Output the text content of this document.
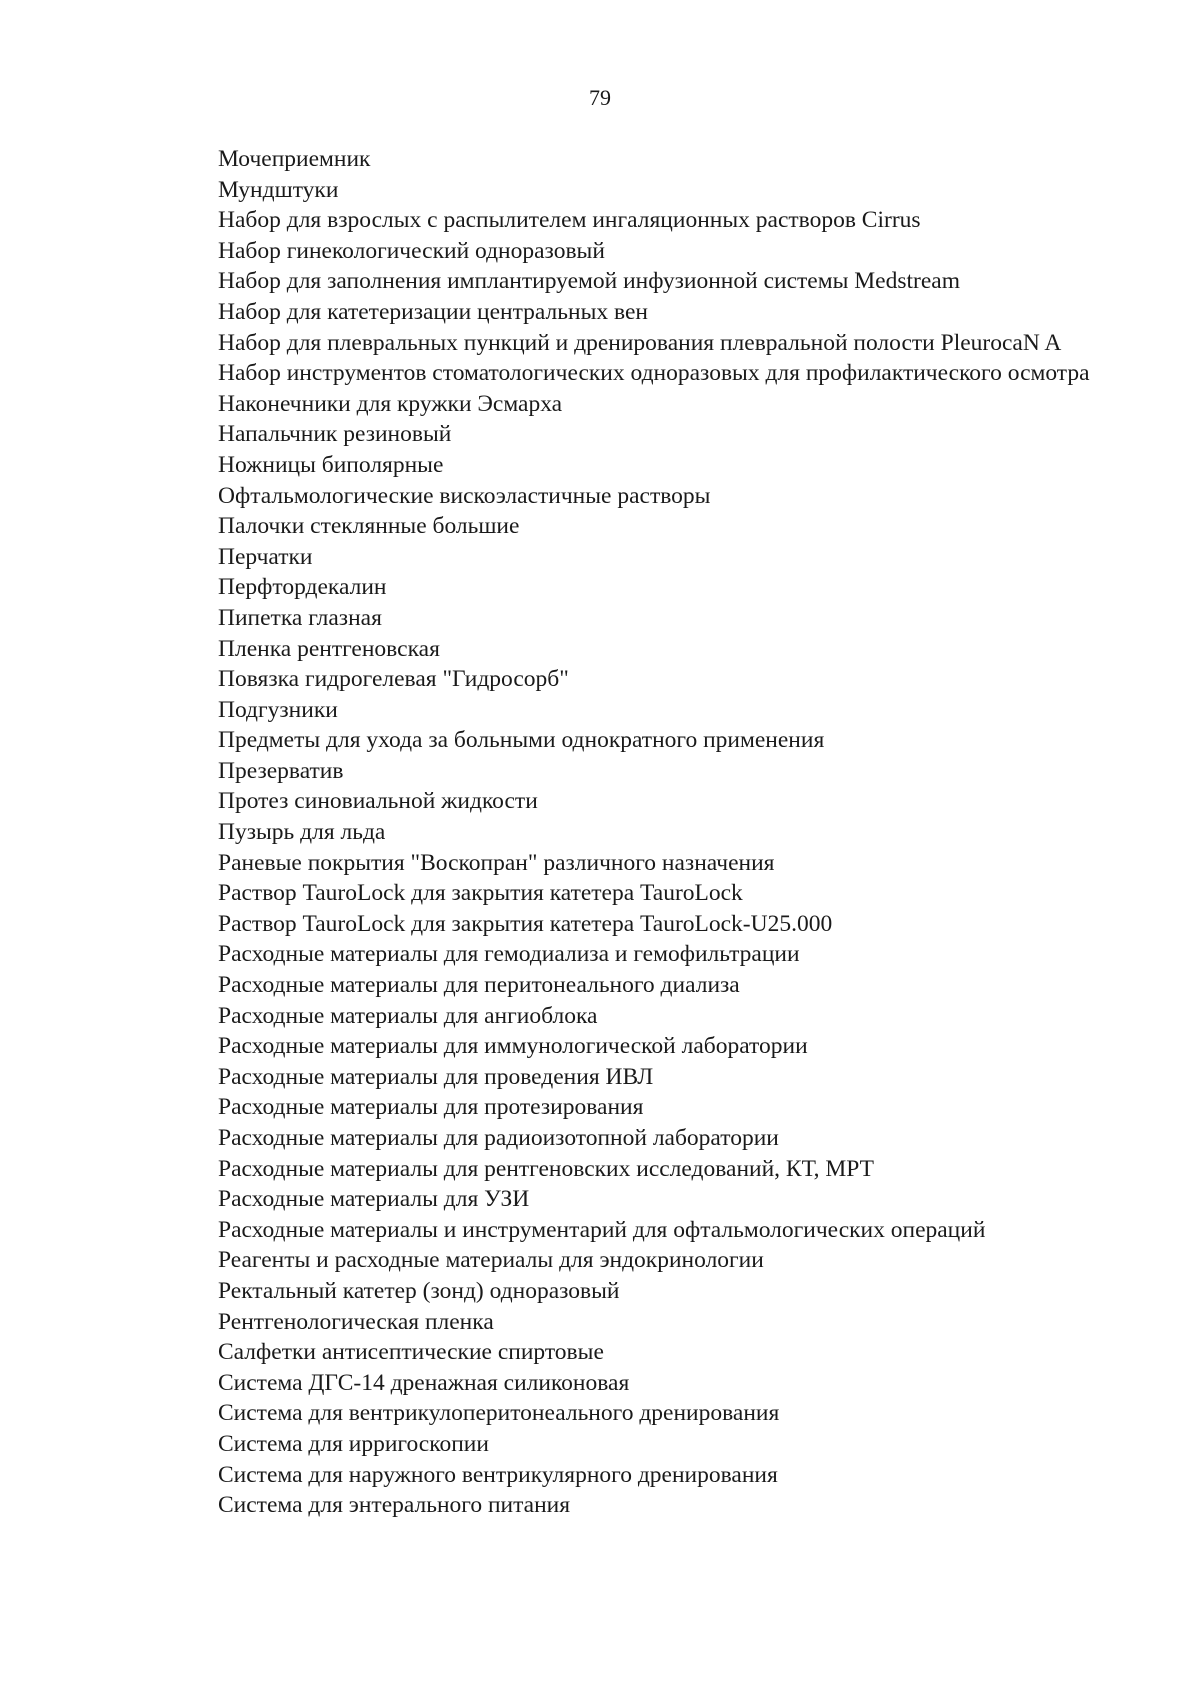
79
Мочеприемник
Мундштуки
Набор для взрослых с распылителем ингаляционных растворов Cirrus
Набор гинекологический одноразовый
Набор для заполнения имплантируемой инфузионной системы Medstream
Набор для катетеризации центральных вен
Набор для плевральных пункций и дренирования плевральной полости PleurocaN A
Набор инструментов стоматологических одноразовых для профилактического осмотра
Наконечники для кружки Эсмарха
Напальчник резиновый
Ножницы биполярные
Офтальмологические вискоэластичные растворы
Палочки стеклянные большие
Перчатки
Перфтордекалин
Пипетка глазная
Пленка рентгеновская
Повязка гидрогелевая "Гидросорб"
Подгузники
Предметы для ухода за больными однократного применения
Презерватив
Протез синовиальной жидкости
Пузырь для льда
Раневые покрытия "Воскопран" различного назначения
Раствор TauroLock для закрытия катетера TauroLock
Раствор TauroLock для закрытия катетера TauroLock-U25.000
Расходные материалы для гемодиализа и гемофильтрации
Расходные материалы для перитонеального диализа
Расходные материалы для ангиоблока
Расходные материалы для иммунологической лаборатории
Расходные материалы для проведения ИВЛ
Расходные материалы для протезирования
Расходные материалы для радиоизотопной лаборатории
Расходные материалы для рентгеновских исследований, КТ, МРТ
Расходные материалы для УЗИ
Расходные материалы и инструментарий для офтальмологических операций
Реагенты и расходные материалы для эндокринологии
Ректальный катетер (зонд) одноразовый
Рентгенологическая пленка
Салфетки антисептические спиртовые
Система ДГС-14 дренажная силиконовая
Система для вентрикулоперитонеального дренирования
Система для ирригоскопии
Система для наружного вентрикулярного дренирования
Система для энтерального питания
